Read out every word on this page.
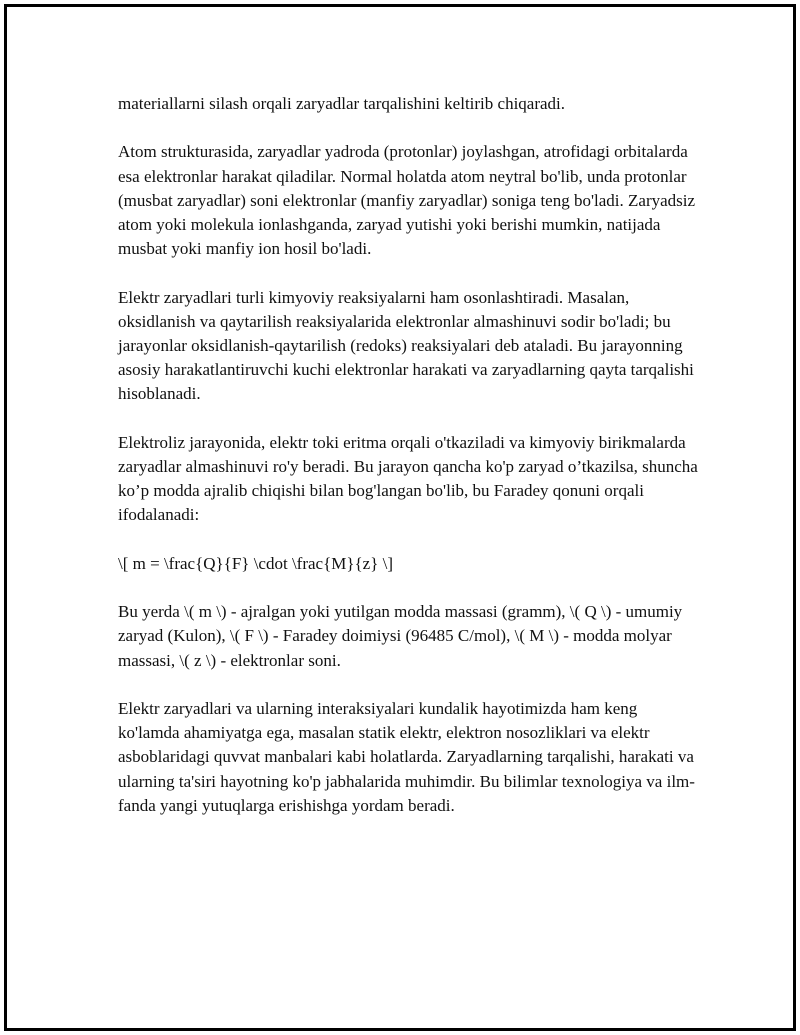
materiallarni silash orqali zaryadlar tarqalishini keltirib chiqaradi.

Atom strukturasida, zaryadlar yadroda (protonlar) joylashgan, atrofidagi orbitalarda esa elektronlar harakat qiladilar. Normal holatda atom neytral bo'lib, unda protonlar (musbat zaryadlar) soni elektronlar (manfiy zaryadlar) soniga teng bo'ladi. Zaryadsiz atom yoki molekula ionlashganda, zaryad yutishi yoki berishi mumkin, natijada musbat yoki manfiy ion hosil bo'ladi.

Elektr zaryadlari turli kimyoviy reaksiyalarni ham osonlashtiradi. Masalan, oksidlanish va qaytarilish reaksiyalarida elektronlar almashinuvi sodir bo'ladi; bu jarayonlar oksidlanish-qaytarilish (redoks) reaksiyalari deb ataladi. Bu jarayonning asosiy harakatlantiruvchi kuchi elektronlar harakati va zaryadlarning qayta tarqalishi hisoblanadi.

Elektroliz jarayonida, elektr toki eritma orqali o'tkaziladi va kimyoviy birikmalarda zaryadlar almashinuvi ro'y beradi. Bu jarayon qancha ko'p zaryad o’tkazilsa, shuncha ko’p modda ajralib chiqishi bilan bog'langan bo'lib, bu Faradey qonuni orqali ifodalanadi:

\[ m = \frac{Q}{F} \cdot \frac{M}{z} \]

Bu yerda \( m \) - ajralgan yoki yutilgan modda massasi (gramm), \( Q \) - umumiy zaryad (Kulon), \( F \) - Faradey doimiysi (96485 C/mol), \( M \) - modda molyar massasi, \( z \) - elektronlar soni.

Elektr zaryadlari va ularning interaksiyalari kundalik hayotimizda ham keng ko'lamda ahamiyatga ega, masalan statik elektr, elektron nosozliklari va elektr asboblaridagi quvvat manbalari kabi holatlarda. Zaryadlarning tarqalishi, harakati va ularning ta'siri hayotning ko'p jabhalarida muhimdir. Bu bilimlar texnologiya va ilm-fanda yangi yutuqlarga erishishga yordam beradi.
